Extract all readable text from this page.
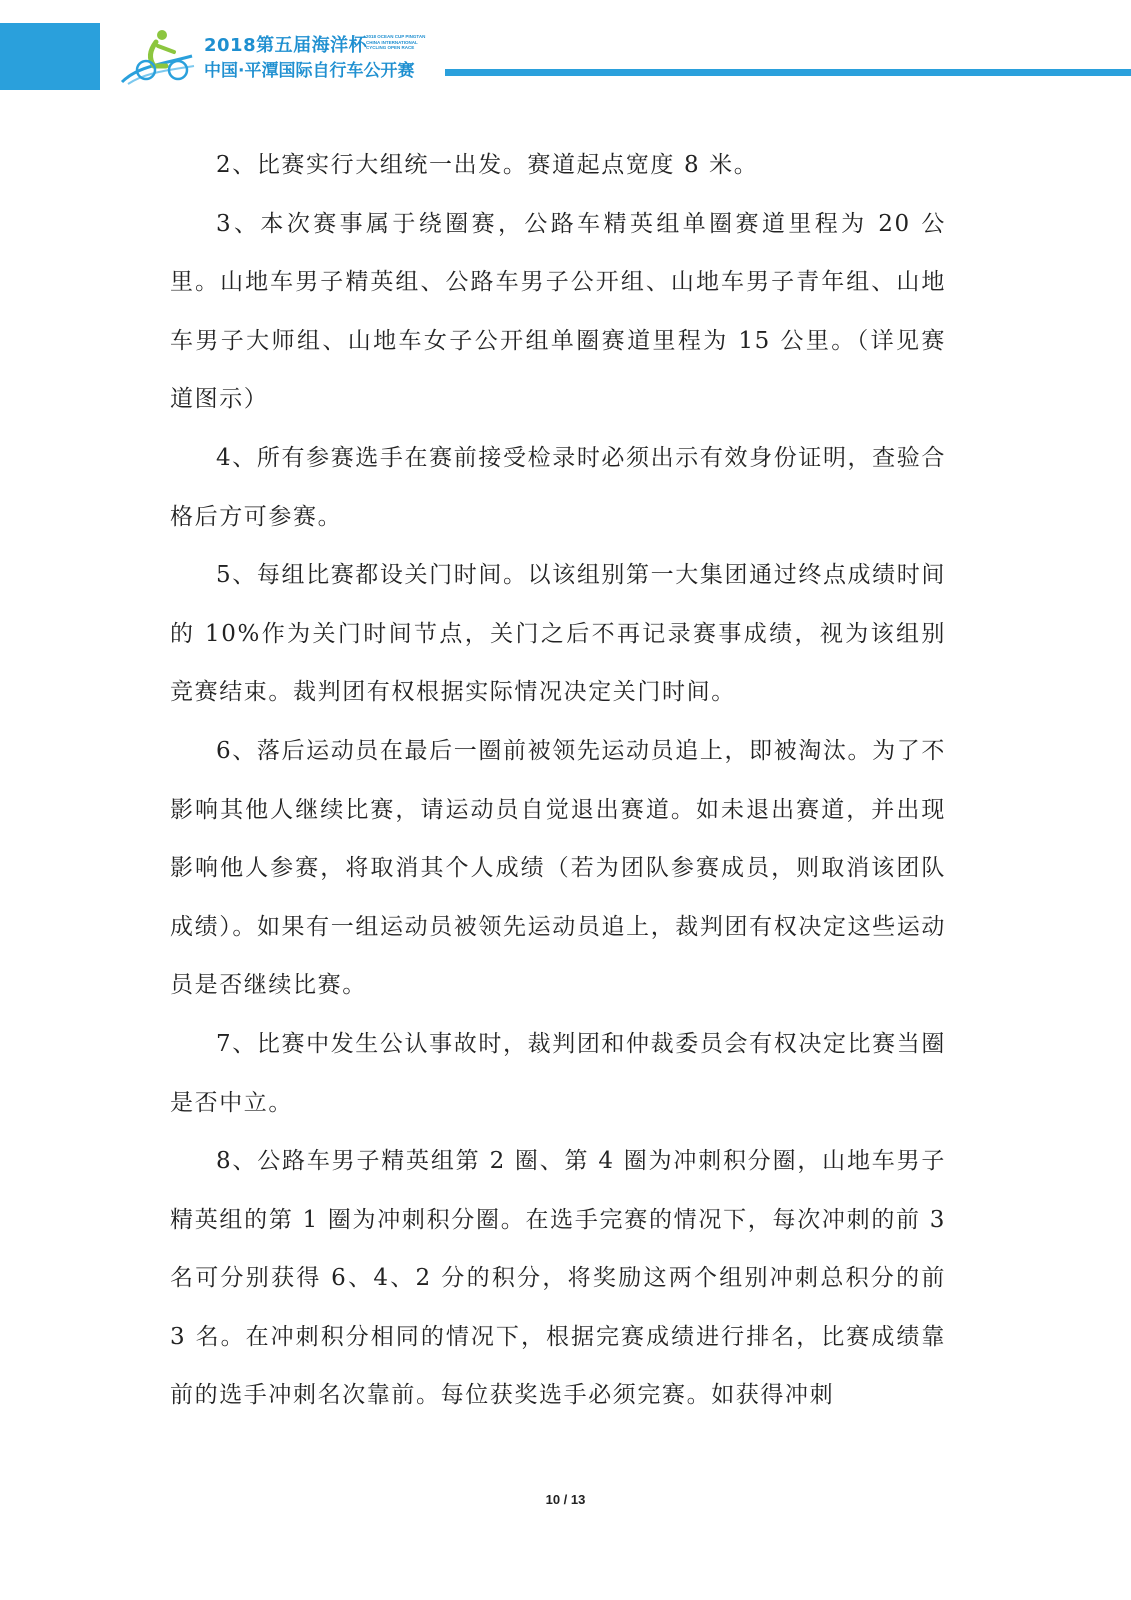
2018第五届海洋杯
2018 OCEAN CUP PINGTAN CHINA INTERNATIONAL CYCLING OPEN RACE
中国·平潭国际自行车公开赛

2、比赛实行大组统一出发。赛道起点宽度 8 米。

3、本次赛事属于绕圈赛，公路车精英组单圈赛道里程为 20 公里。山地车男子精英组、公路车男子公开组、山地车男子青年组、山地车男子大师组、山地车女子公开组单圈赛道里程为 15 公里。（详见赛道图示）

4、所有参赛选手在赛前接受检录时必须出示有效身份证明，查验合格后方可参赛。

5、每组比赛都设关门时间。以该组别第一大集团通过终点成绩时间的 10%作为关门时间节点，关门之后不再记录赛事成绩，视为该组别竞赛结束。裁判团有权根据实际情况决定关门时间。

6、落后运动员在最后一圈前被领先运动员追上，即被淘汰。为了不影响其他人继续比赛，请运动员自觉退出赛道。如未退出赛道，并出现影响他人参赛，将取消其个人成绩（若为团队参赛成员，则取消该团队成绩）。如果有一组运动员被领先运动员追上，裁判团有权决定这些运动员是否继续比赛。

7、比赛中发生公认事故时，裁判团和仲裁委员会有权决定比赛当圈是否中立。

8、公路车男子精英组第 2 圈、第 4 圈为冲刺积分圈，山地车男子精英组的第 1 圈为冲刺积分圈。在选手完赛的情况下，每次冲刺的前 3 名可分别获得 6、4、2 分的积分，将奖励这两个组别冲刺总积分的前 3 名。在冲刺积分相同的情况下，根据完赛成绩进行排名，比赛成绩靠前的选手冲刺名次靠前。每位获奖选手必须完赛。如获得冲刺

10 / 13
